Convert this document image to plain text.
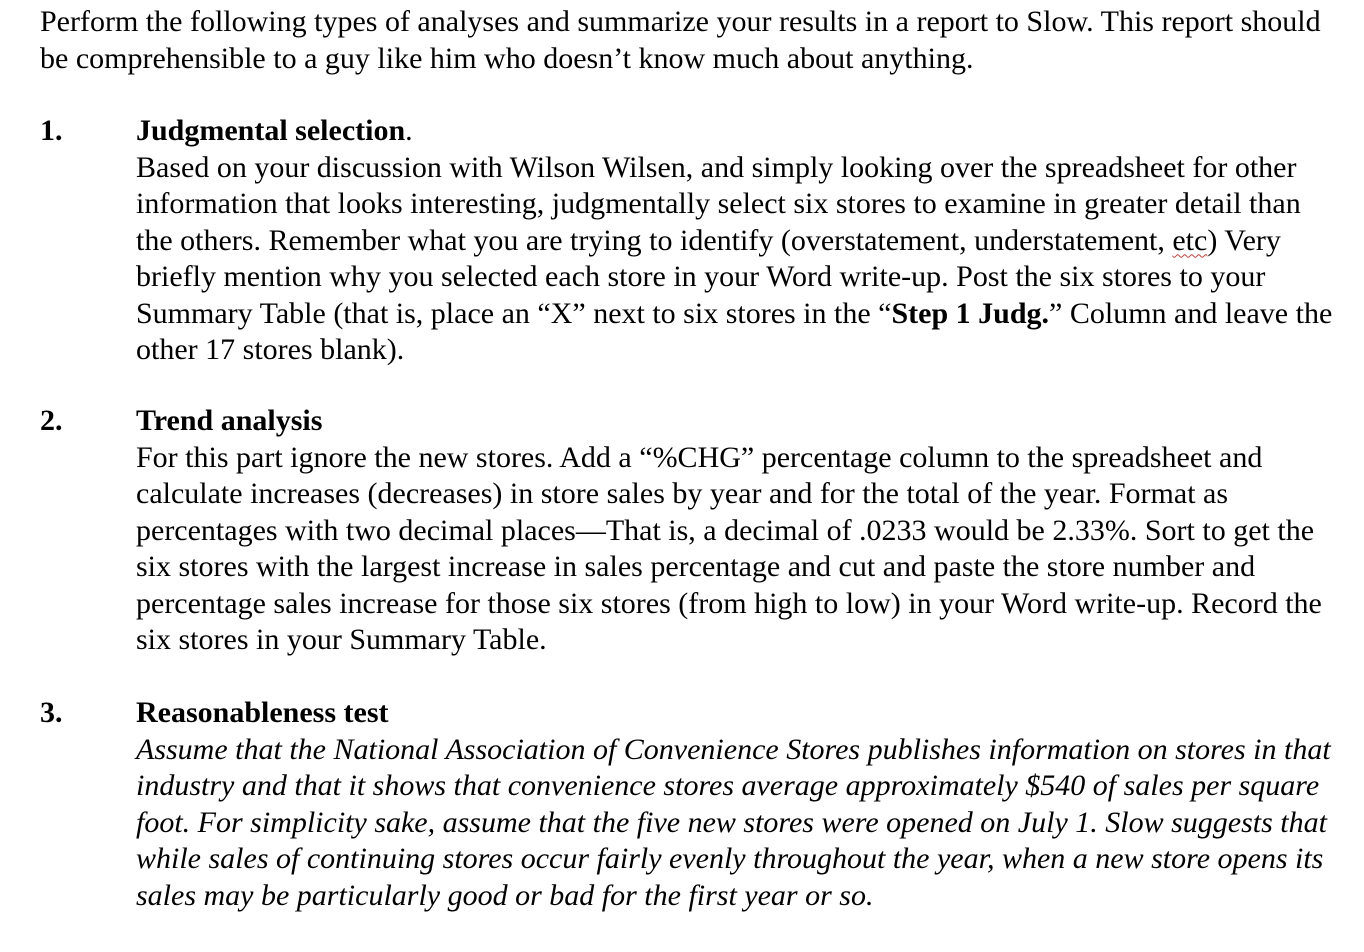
Perform the following types of analyses and summarize your results in a report to Slow. This report should be comprehensible to a guy like him who doesn’t know much about anything.
1. Judgmental selection.
Based on your discussion with Wilson Wilsen, and simply looking over the spreadsheet for other information that looks interesting, judgmentally select six stores to examine in greater detail than the others. Remember what you are trying to identify (overstatement, understatement, etc) Very briefly mention why you selected each store in your Word write-up. Post the six stores to your Summary Table (that is, place an “X” next to six stores in the “Step 1 Judg.” Column and leave the other 17 stores blank).
2. Trend analysis
For this part ignore the new stores. Add a “%CHG” percentage column to the spreadsheet and calculate increases (decreases) in store sales by year and for the total of the year. Format as percentages with two decimal places—That is, a decimal of .0233 would be 2.33%. Sort to get the six stores with the largest increase in sales percentage and cut and paste the store number and percentage sales increase for those six stores (from high to low) in your Word write-up. Record the six stores in your Summary Table.
3. Reasonableness test
Assume that the National Association of Convenience Stores publishes information on stores in that industry and that it shows that convenience stores average approximately $540 of sales per square foot. For simplicity sake, assume that the five new stores were opened on July 1. Slow suggests that while sales of continuing stores occur fairly evenly throughout the year, when a new store opens its sales may be particularly good or bad for the first year or so.
